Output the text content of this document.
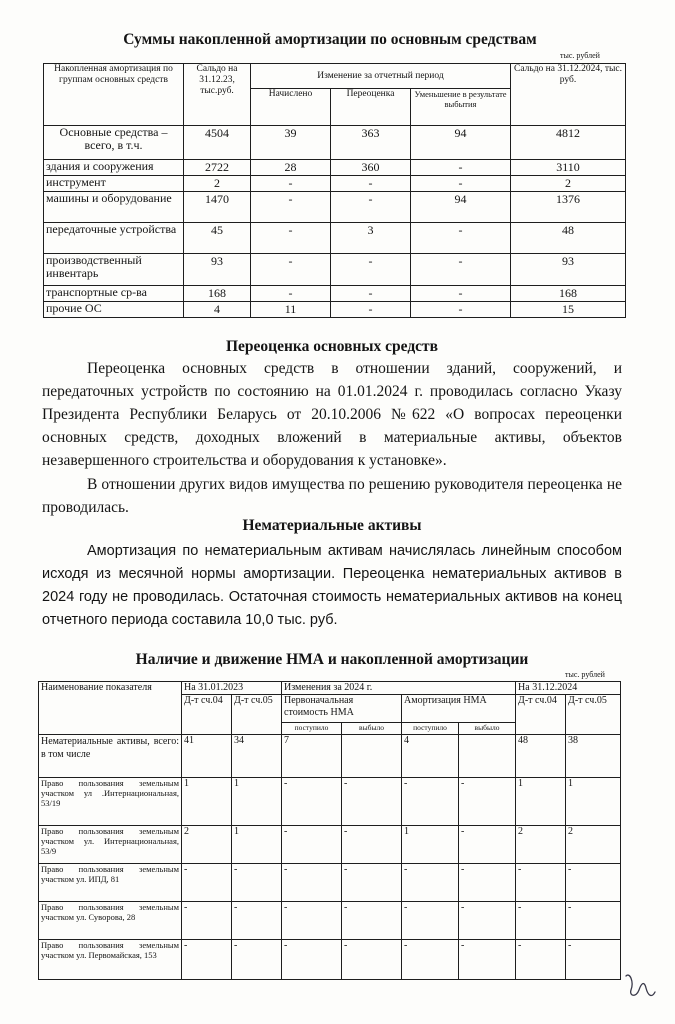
Суммы накопленной амортизации по основным средствам
тыс. рублей
Накопленная амортизация по группам основных средств	Сальдо на 31.12.23, тыс.руб.	Изменение за отчетный период			Сальдо на 31.12.2024, тыс. руб.
		Начислено	Переоценка	Уменьшение в результате выбытия	
Основные средства – всего, в т.ч.	4504	39	363	94	4812
здания и сооружения	2722	28	360	-	3110
инструмент	2	-	-	-	2
машины и оборудование	1470	-	-	94	1376
передаточные устройства	45	-	3	-	48
производственный инвентарь	93	-	-	-	93
транспортные ср-ва	168	-	-	-	168
прочие ОС	4	11	-	-	15
Переоценка основных средств

Переоценка основных средств в отношении зданий, сооружений, и передаточных устройств по состоянию на 01.01.2024 г. проводилась согласно Указу Президента Республики Беларусь от 20.10.2006 №622 «О вопросах переоценки основных средств, доходных вложений в материальные активы, объектов незавершенного строительства и оборудования к установке».

В отношении других видов имущества по решению руководителя переоценка не проводилась.

Нематериальные активы

Амортизация по нематериальным активам начислялась линейным способом исходя из месячной нормы амортизации. Переоценка нематериальных активов в 2024 году не проводилась. Остаточная стоимость нематериальных активов на конец отчетного периода составила 10,0 тыс. руб.

Наличие и движение НМА и накопленной амортизации
тыс. рублей
Наименование показателя	На 31.01.2023		Изменения за 2024 г.				На 31.12.2024	
	Д-т сч.04	Д-т сч.05	Первоначальная стоимость НМА		Амортизация НМА		Д-т сч.04	Д-т сч.05
			поступило	выбыло	поступило	выбыло		
Нематериальные активы, всего: в том числе	41	34	7		4		48	38
Право пользования земельным участком ул .Интернациональная, 53/19	1	1	-	-	-	-	1	1
Право пользования земельным участком ул. Интернациональная, 53/9	2	1	-	-	1	-	2	2
Право пользования земельным участком ул. ИПД, 81	-	-	-	-	-	-	-	-
Право пользования земельным участком ул. Суворова, 28	-	-	-	-	-	-	-	-
Право пользования земельным участком ул. Первомайская, 153	-	-	-	-	-	-	-	-
